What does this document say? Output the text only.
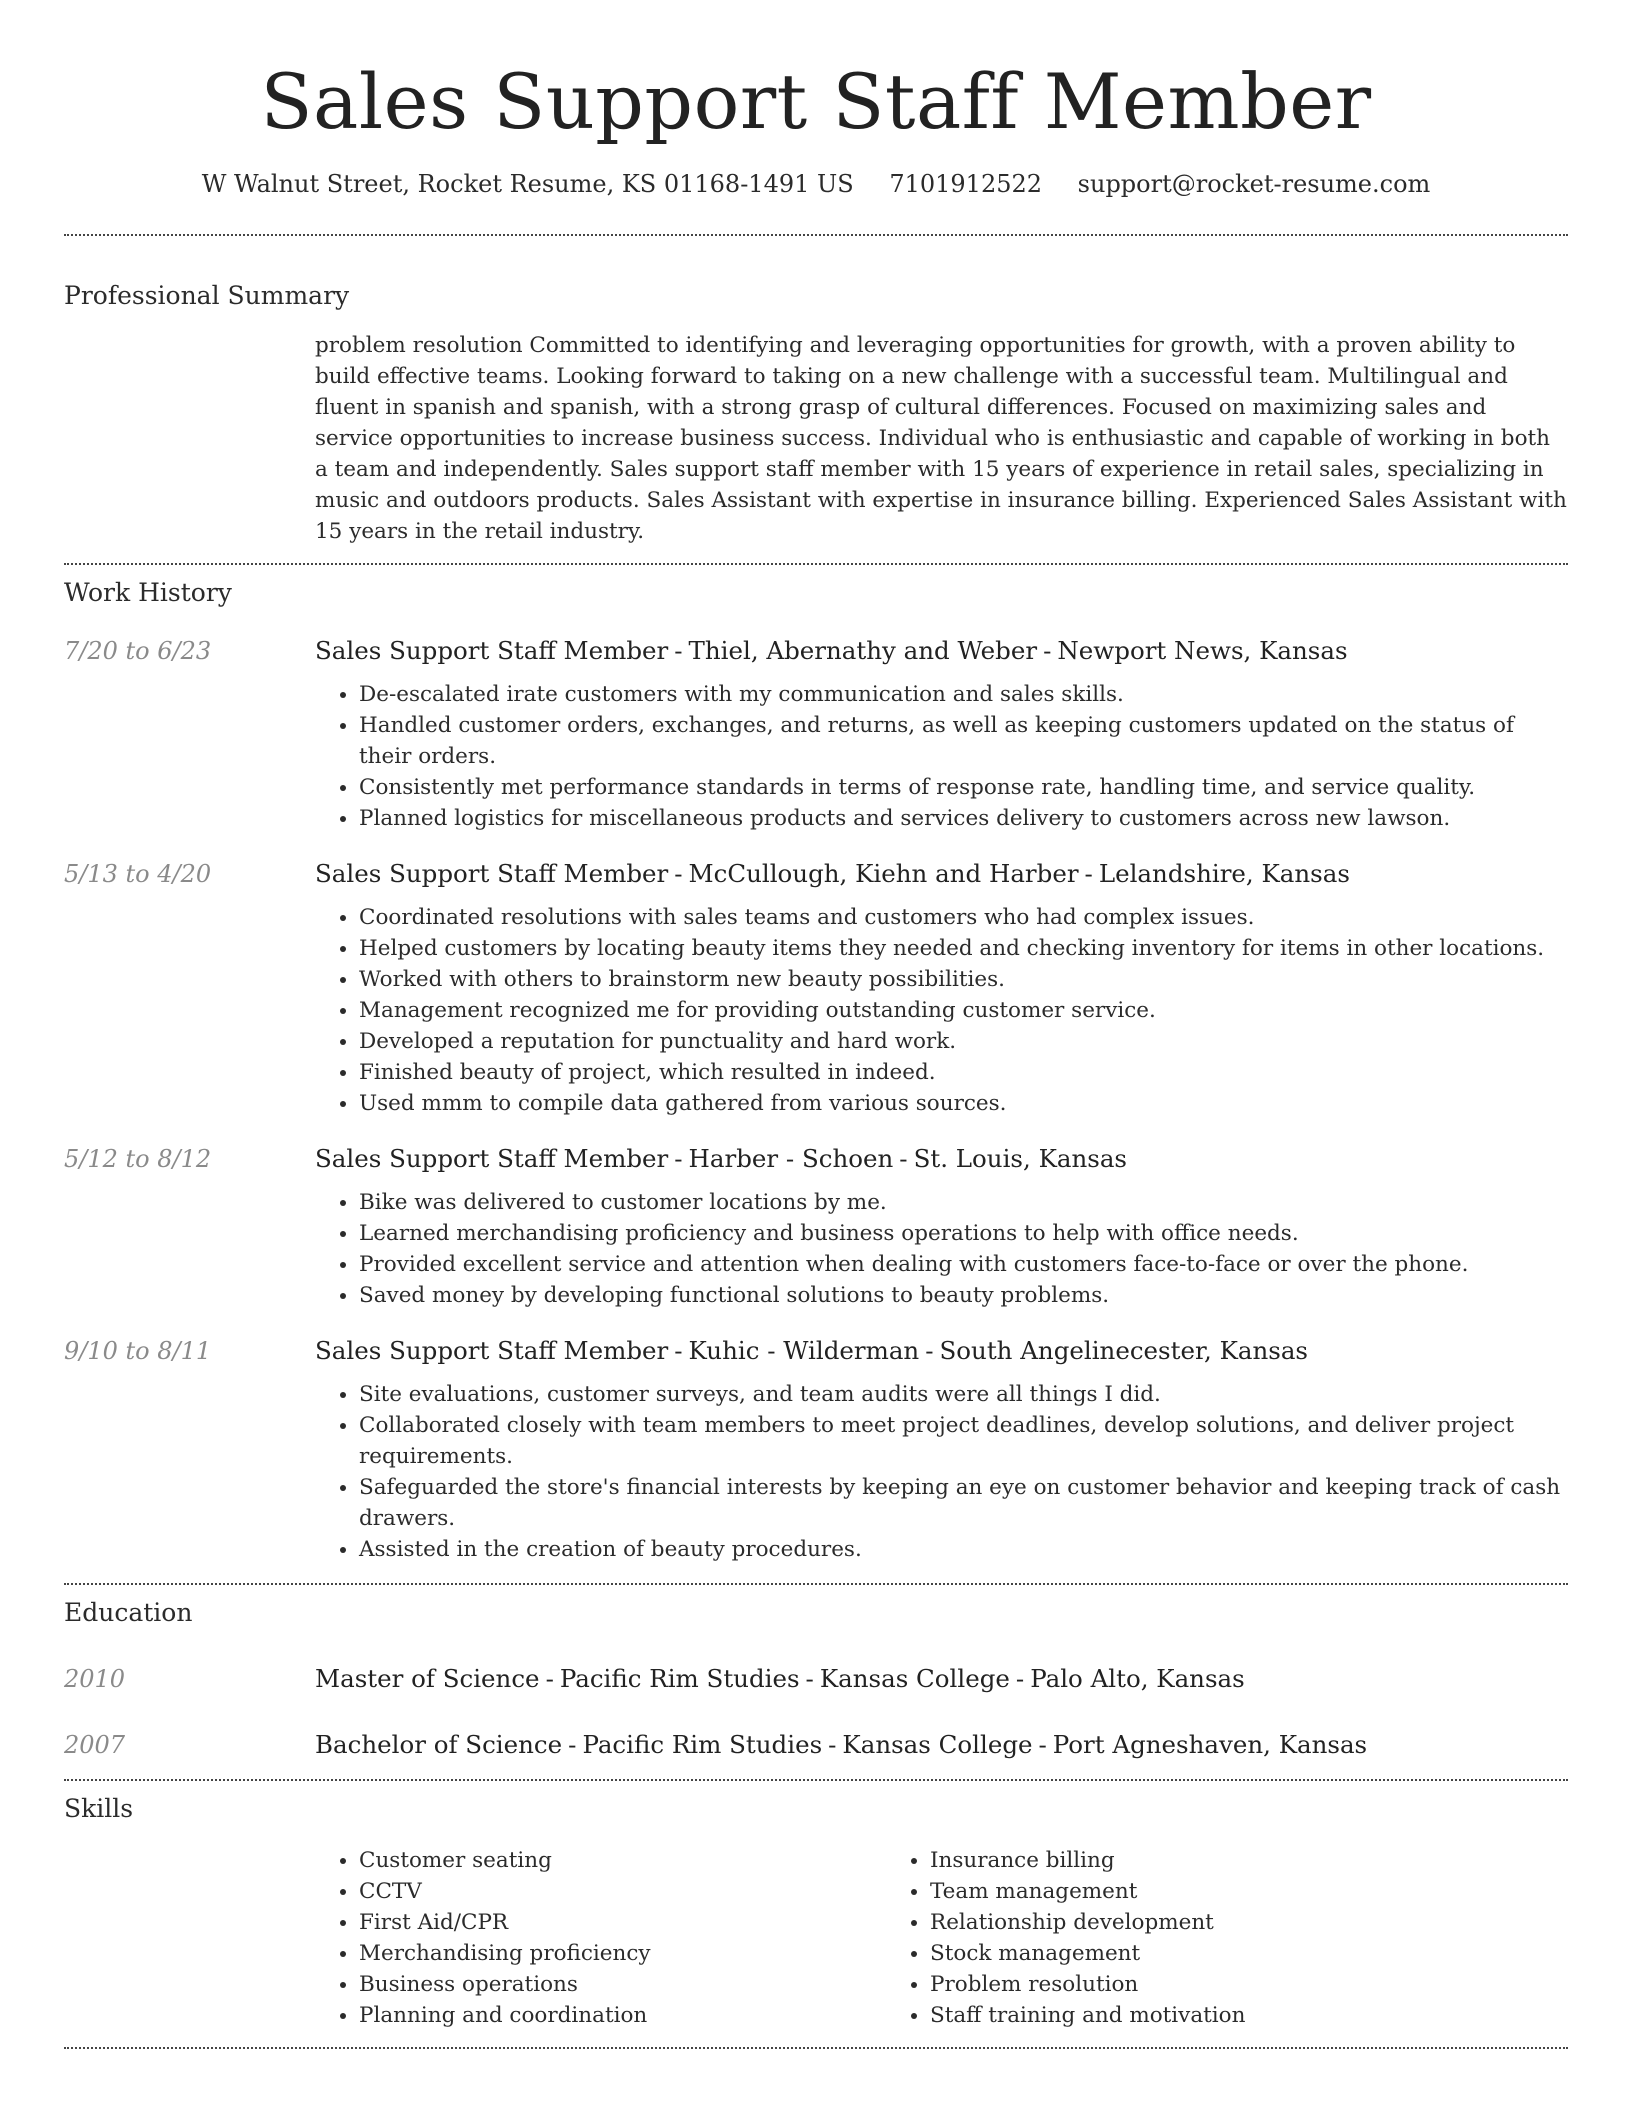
Sales Support Staff Member
W Walnut Street, Rocket Resume, KS 01168-1491 US 7101912522 support@rocket-resume.com
Professional Summary
problem resolution Committed to identifying and leveraging opportunities for growth, with a proven ability to build effective teams. Looking forward to taking on a new challenge with a successful team. Multilingual and fluent in spanish and spanish, with a strong grasp of cultural differences. Focused on maximizing sales and service opportunities to increase business success. Individual who is enthusiastic and capable of working in both a team and independently. Sales support staff member with 15 years of experience in retail sales, specializing in music and outdoors products. Sales Assistant with expertise in insurance billing. Experienced Sales Assistant with 15 years in the retail industry.
Work History
7/20 to 6/23	Sales Support Staff Member - Thiel, Abernathy and Weber - Newport News, Kansas
• De-escalated irate customers with my communication and sales skills.
• Handled customer orders, exchanges, and returns, as well as keeping customers updated on the status of their orders.
• Consistently met performance standards in terms of response rate, handling time, and service quality.
• Planned logistics for miscellaneous products and services delivery to customers across new lawson.
5/13 to 4/20	Sales Support Staff Member - McCullough, Kiehn and Harber - Lelandshire, Kansas
• Coordinated resolutions with sales teams and customers who had complex issues.
• Helped customers by locating beauty items they needed and checking inventory for items in other locations.
• Worked with others to brainstorm new beauty possibilities.
• Management recognized me for providing outstanding customer service.
• Developed a reputation for punctuality and hard work.
• Finished beauty of project, which resulted in indeed.
• Used mmm to compile data gathered from various sources.
5/12 to 8/12	Sales Support Staff Member - Harber - Schoen - St. Louis, Kansas
• Bike was delivered to customer locations by me.
• Learned merchandising proficiency and business operations to help with office needs.
• Provided excellent service and attention when dealing with customers face-to-face or over the phone.
• Saved money by developing functional solutions to beauty problems.
9/10 to 8/11	Sales Support Staff Member - Kuhic - Wilderman - South Angelinecester, Kansas
• Site evaluations, customer surveys, and team audits were all things I did.
• Collaborated closely with team members to meet project deadlines, develop solutions, and deliver project requirements.
• Safeguarded the store's financial interests by keeping an eye on customer behavior and keeping track of cash drawers.
• Assisted in the creation of beauty procedures.
Education
2010	Master of Science - Pacific Rim Studies - Kansas College - Palo Alto, Kansas
2007	Bachelor of Science - Pacific Rim Studies - Kansas College - Port Agneshaven, Kansas
Skills
• Customer seating
• CCTV
• First Aid/CPR
• Merchandising proficiency
• Business operations
• Planning and coordination
• Insurance billing
• Team management
• Relationship development
• Stock management
• Problem resolution
• Staff training and motivation
